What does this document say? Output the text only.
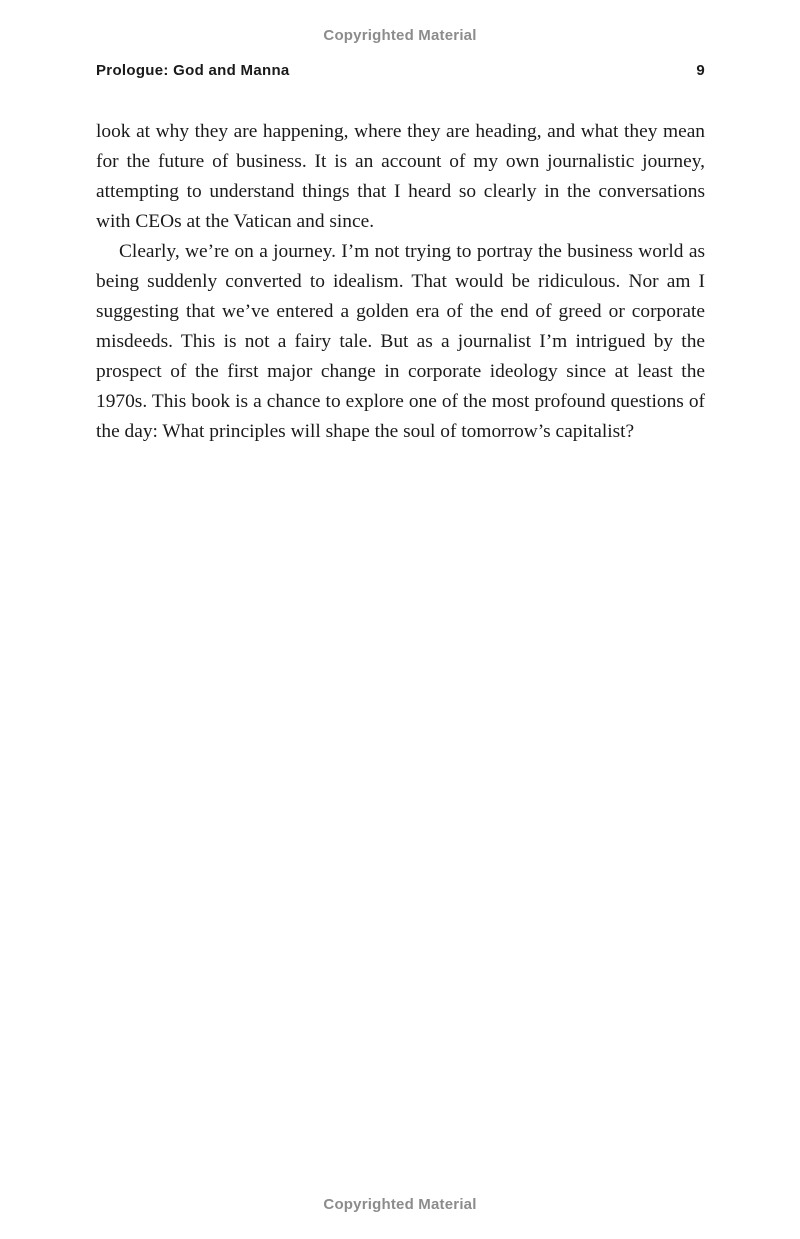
Copyrighted Material
Prologue: God and Manna	9

look at why they are happening, where they are heading, and what they mean for the future of business. It is an account of my own journalistic journey, attempting to understand things that I heard so clearly in the conversations with CEOs at the Vatican and since.

Clearly, we’re on a journey. I’m not trying to portray the business world as being suddenly converted to idealism. That would be ridiculous. Nor am I suggesting that we’ve entered a golden era of the end of greed or corporate misdeeds. This is not a fairy tale. But as a journalist I’m intrigued by the prospect of the first major change in corporate ideology since at least the 1970s. This book is a chance to explore one of the most profound questions of the day: What principles will shape the soul of tomorrow’s capitalist?

Copyrighted Material
